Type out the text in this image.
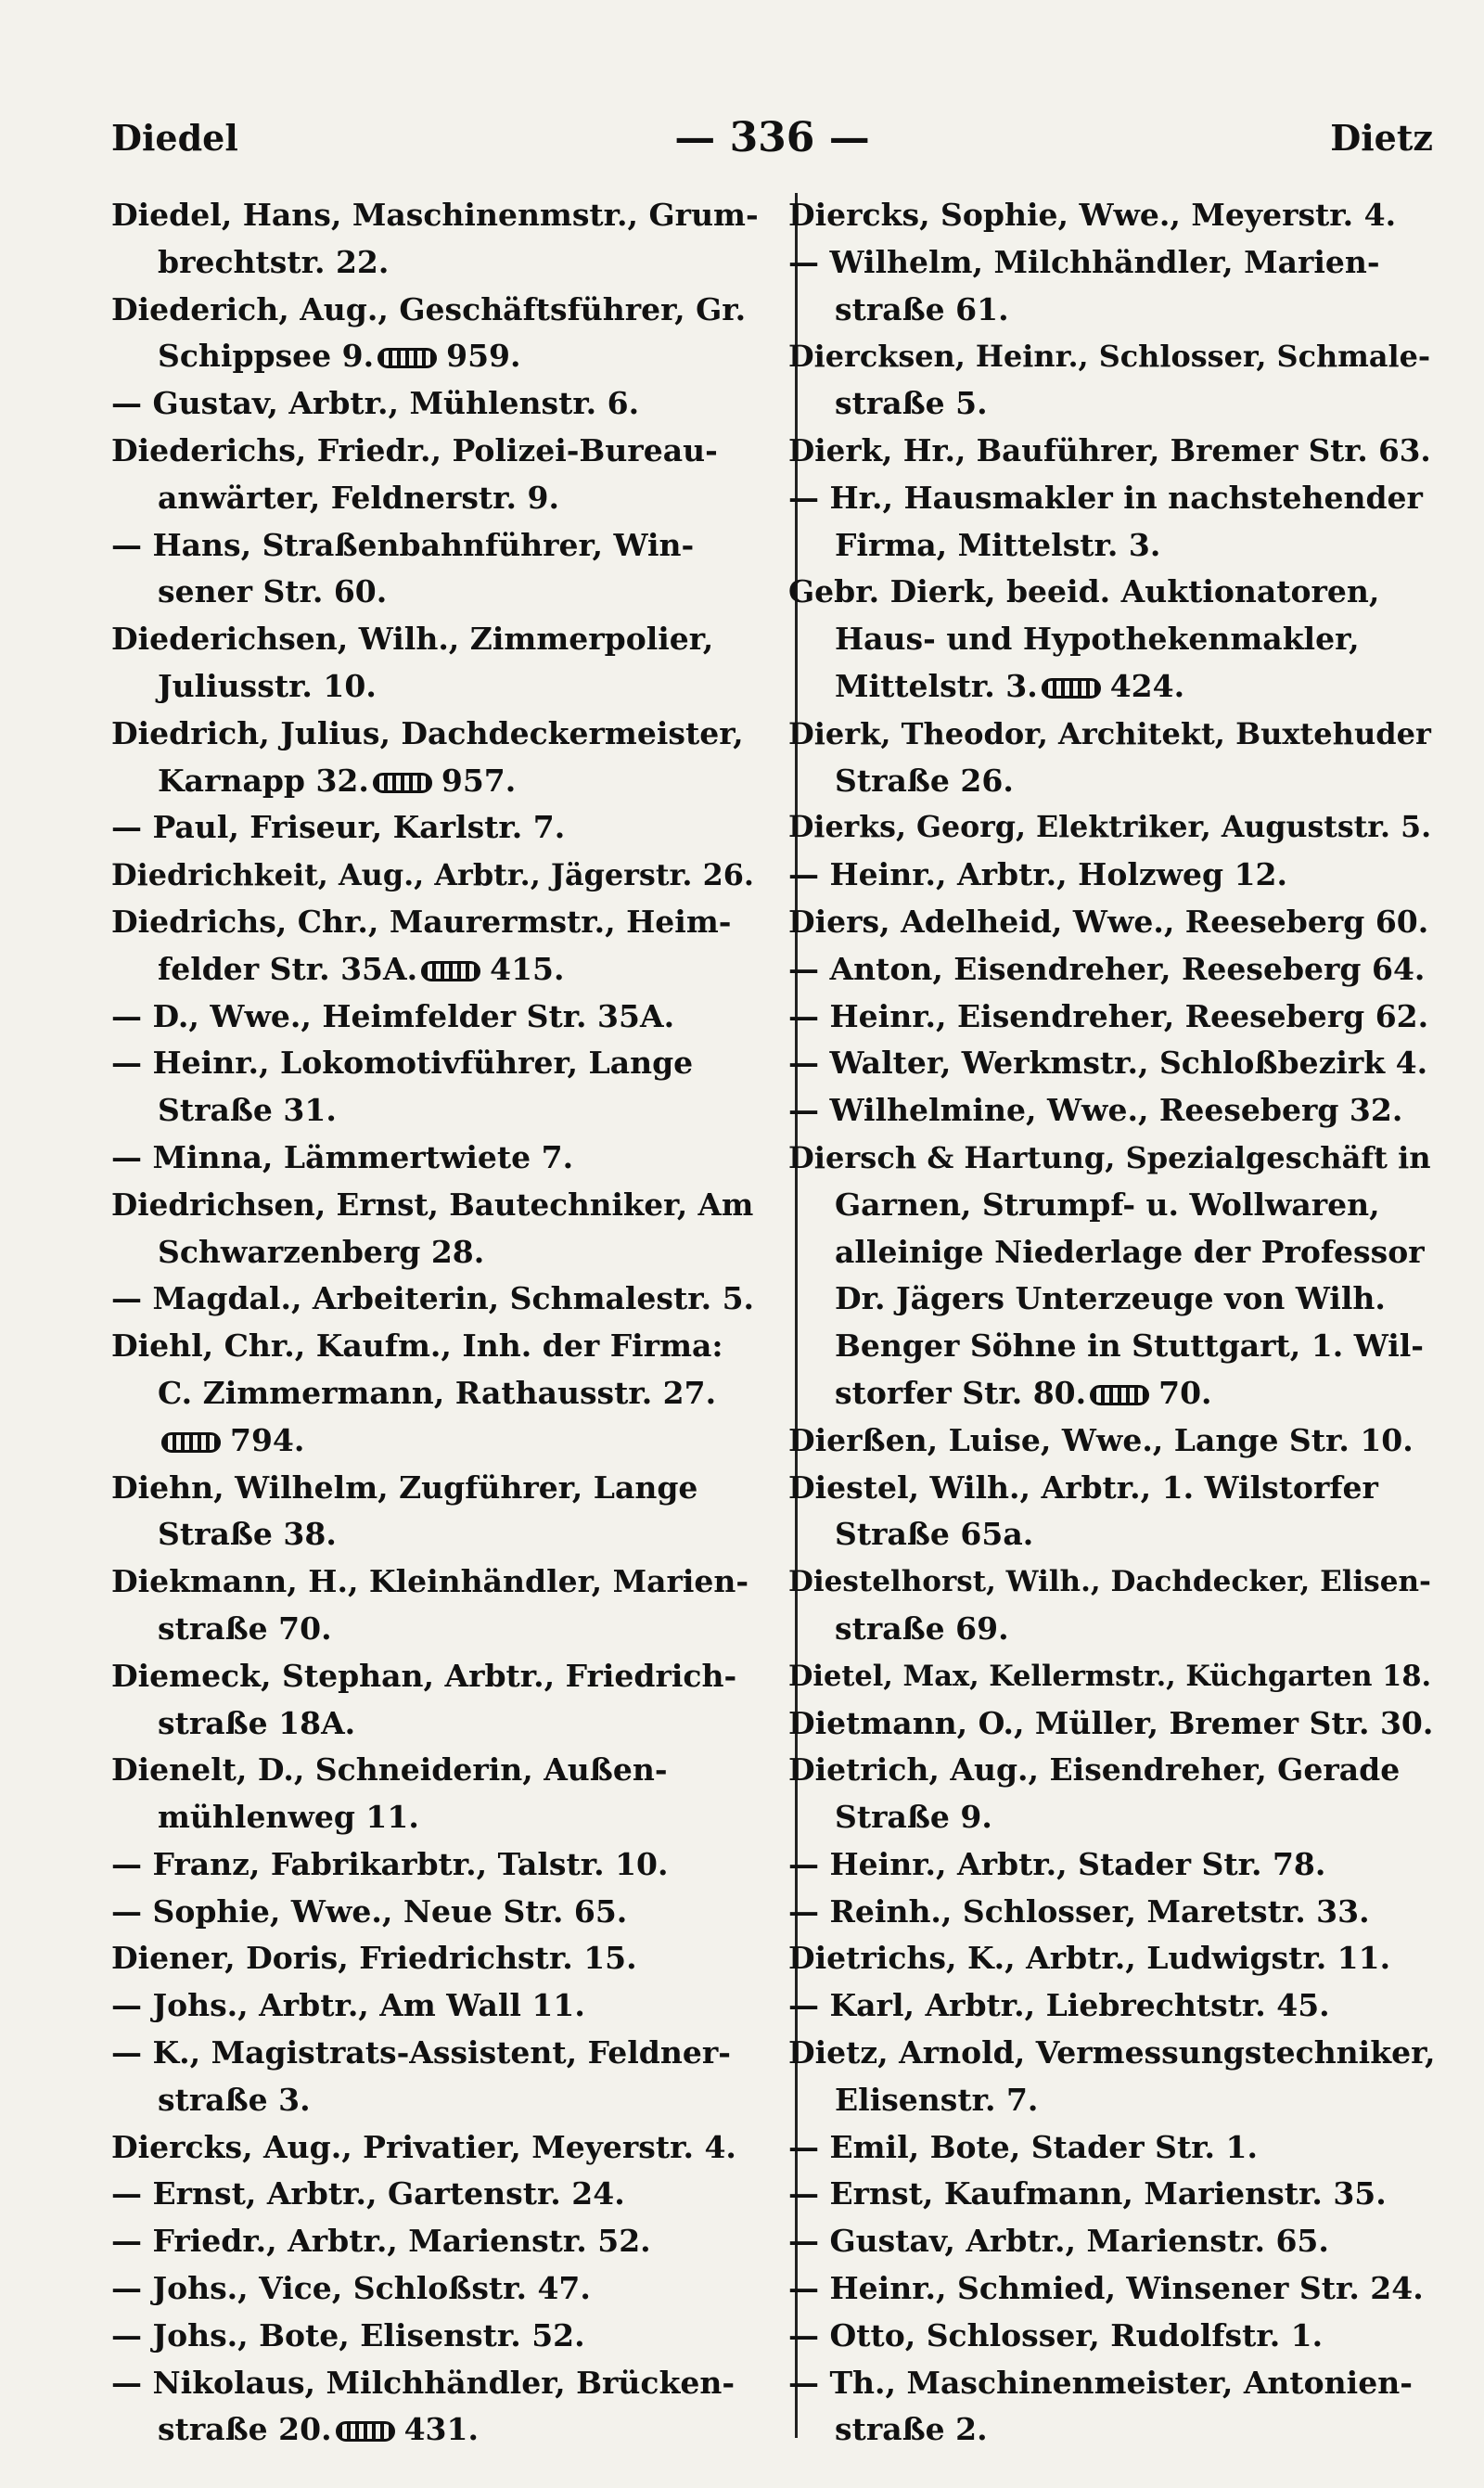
Diedel	— 336 —	Dietz
Diedel, Hans, Maschinenmstr., Grum-
brechtstr. 22.
Diederich, Aug., Geschäftsführer, Gr.
Schippsee 9. 959.
— Gustav, Arbtr., Mühlenstr. 6.
Diederichs, Friedr., Polizei-Bureau-
anwärter, Feldnerstr. 9.
— Hans, Straßenbahnführer, Win-
sener Str. 60.
Diederichsen, Wilh., Zimmerpolier,
Juliusstr. 10.
Diedrich, Julius, Dachdeckermeister,
Karnapp 32. 957.
— Paul, Friseur, Karlstr. 7.
Diedrichkeit, Aug., Arbtr., Jägerstr. 26.
Diedrichs, Chr., Maurermstr., Heim-
felder Str. 35A. 415.
— D., Wwe., Heimfelder Str. 35A.
— Heinr., Lokomotivführer, Lange
Straße 31.
— Minna, Lämmertwiete 7.
Diedrichsen, Ernst, Bautechniker, Am
Schwarzenberg 28.
— Magdal., Arbeiterin, Schmalestr. 5.
Diehl, Chr., Kaufm., Inh. der Firma:
C. Zimmermann, Rathausstr. 27.
794.
Diehn, Wilhelm, Zugführer, Lange
Straße 38.
Diekmann, H., Kleinhändler, Marien-
straße 70.
Diemeck, Stephan, Arbtr., Friedrich-
straße 18A.
Dienelt, D., Schneiderin, Außen-
mühlenweg 11.
— Franz, Fabrikarbtr., Talstr. 10.
— Sophie, Wwe., Neue Str. 65.
Diener, Doris, Friedrichstr. 15.
— Johs., Arbtr., Am Wall 11.
— K., Magistrats-Assistent, Feldner-
straße 3.
Diercks, Aug., Privatier, Meyerstr. 4.
— Ernst, Arbtr., Gartenstr. 24.
— Friedr., Arbtr., Marienstr. 52.
— Johs., Vice, Schloßstr. 47.
— Johs., Bote, Elisenstr. 52.
— Nikolaus, Milchhändler, Brücken-
straße 20. 431.
Diercks, Sophie, Wwe., Meyerstr. 4.
— Wilhelm, Milchhändler, Marien-
straße 61.
Diercksen, Heinr., Schlosser, Schmale-
straße 5.
Dierk, Hr., Bauführer, Bremer Str. 63.
— Hr., Hausmakler in nachstehender
Firma, Mittelstr. 3.
Gebr. Dierk, beeid. Auktionatoren,
Haus- und Hypothekenmakler,
Mittelstr. 3. 424.
Dierk, Theodor, Architekt, Buxtehuder
Straße 26.
Dierks, Georg, Elektriker, Auguststr. 5.
— Heinr., Arbtr., Holzweg 12.
Diers, Adelheid, Wwe., Reeseberg 60.
— Anton, Eisendreher, Reeseberg 64.
— Heinr., Eisendreher, Reeseberg 62.
— Walter, Werkmstr., Schloßbezirk 4.
— Wilhelmine, Wwe., Reeseberg 32.
Diersch & Hartung, Spezialgeschäft in
Garnen, Strumpf- u. Wollwaren,
alleinige Niederlage der Professor
Dr. Jägers Unterzeuge von Wilh.
Benger Söhne in Stuttgart, 1. Wil-
storfer Str. 80. 70.
Dierßen, Luise, Wwe., Lange Str. 10.
Diestel, Wilh., Arbtr., 1. Wilstorfer
Straße 65a.
Diestelhorst, Wilh., Dachdecker, Elisen-
straße 69.
Dietel, Max, Kellermstr., Küchgarten 18.
Dietmann, O., Müller, Bremer Str. 30.
Dietrich, Aug., Eisendreher, Gerade
Straße 9.
— Heinr., Arbtr., Stader Str. 78.
— Reinh., Schlosser, Maretstr. 33.
Dietrichs, K., Arbtr., Ludwigstr. 11.
— Karl, Arbtr., Liebrechtstr. 45.
Dietz, Arnold, Vermessungstechniker,
Elisenstr. 7.
— Emil, Bote, Stader Str. 1.
— Ernst, Kaufmann, Marienstr. 35.
— Gustav, Arbtr., Marienstr. 65.
— Heinr., Schmied, Winsener Str. 24.
— Otto, Schlosser, Rudolfstr. 1.
— Th., Maschinenmeister, Antonien-
straße 2.
